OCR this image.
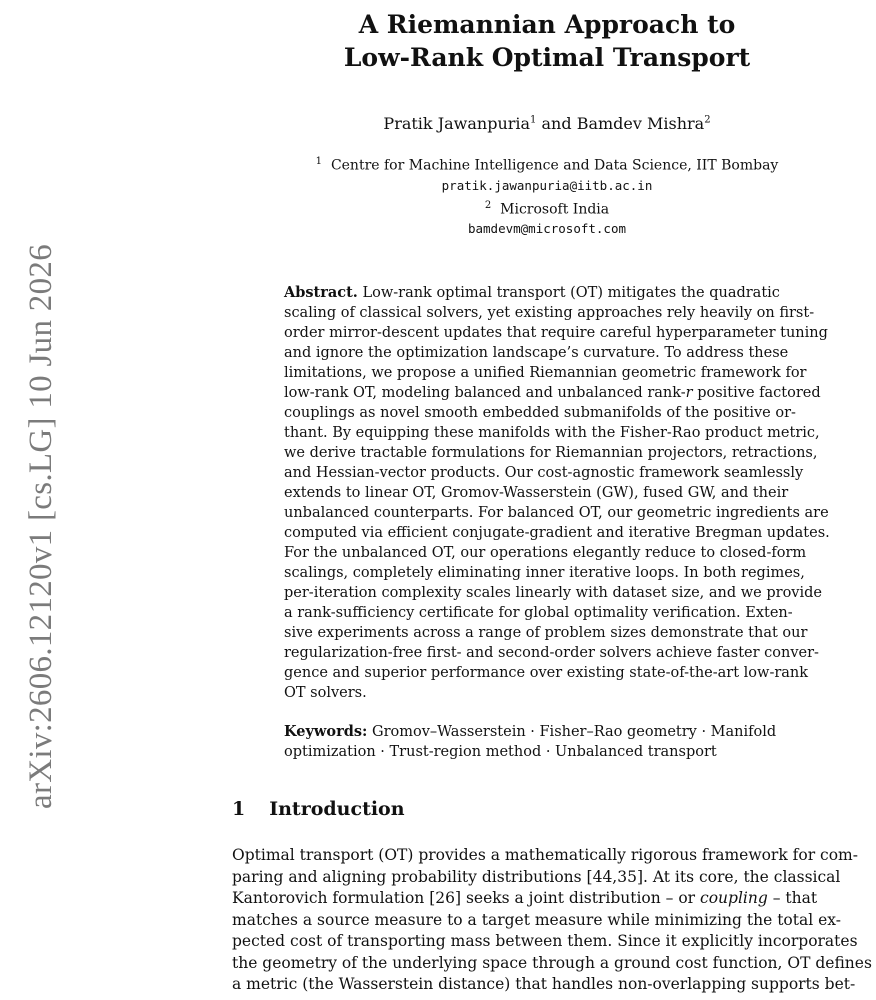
arXiv:2606.12120v1 [cs.LG] 10 Jun 2026
A Riemannian Approach to
Low-Rank Optimal Transport
Pratik Jawanpuria$^1$ and Bamdev Mishra$^2$
$^1$ Centre for Machine Intelligence and Data Science, IIT Bombay
pratik.jawanpuria@iitb.ac.in
$^2$ Microsoft India
bamdevm@microsoft.com
Abstract. Low-rank optimal transport (OT) mitigates the quadratic
scaling of classical solvers, yet existing approaches rely heavily on first-
order mirror-descent updates that require careful hyperparameter tuning
and ignore the optimization landscape’s curvature. To address these
limitations, we propose a unified Riemannian geometric framework for
low-rank OT, modeling balanced and unbalanced rank-r positive factored
couplings as novel smooth embedded submanifolds of the positive or-
thant. By equipping these manifolds with the Fisher-Rao product metric,
we derive tractable formulations for Riemannian projectors, retractions,
and Hessian-vector products. Our cost-agnostic framework seamlessly
extends to linear OT, Gromov-Wasserstein (GW), fused GW, and their
unbalanced counterparts. For balanced OT, our geometric ingredients are
computed via efficient conjugate-gradient and iterative Bregman updates.
For the unbalanced OT, our operations elegantly reduce to closed-form
scalings, completely eliminating inner iterative loops. In both regimes,
per-iteration complexity scales linearly with dataset size, and we provide
a rank-sufficiency certificate for global optimality verification. Exten-
sive experiments across a range of problem sizes demonstrate that our
regularization-free first- and second-order solvers achieve faster conver-
gence and superior performance over existing state-of-the-art low-rank
OT solvers.
Keywords: Gromov–Wasserstein · Fisher–Rao geometry · Manifold
optimization · Trust-region method · Unbalanced transport
1 Introduction
Optimal transport (OT) provides a mathematically rigorous framework for com-
paring and aligning probability distributions [44,35]. At its core, the classical
Kantorovich formulation [26] seeks a joint distribution – or coupling – that
matches a source measure to a target measure while minimizing the total ex-
pected cost of transporting mass between them. Since it explicitly incorporates
the geometry of the underlying space through a ground cost function, OT defines
a metric (the Wasserstein distance) that handles non-overlapping supports bet-
